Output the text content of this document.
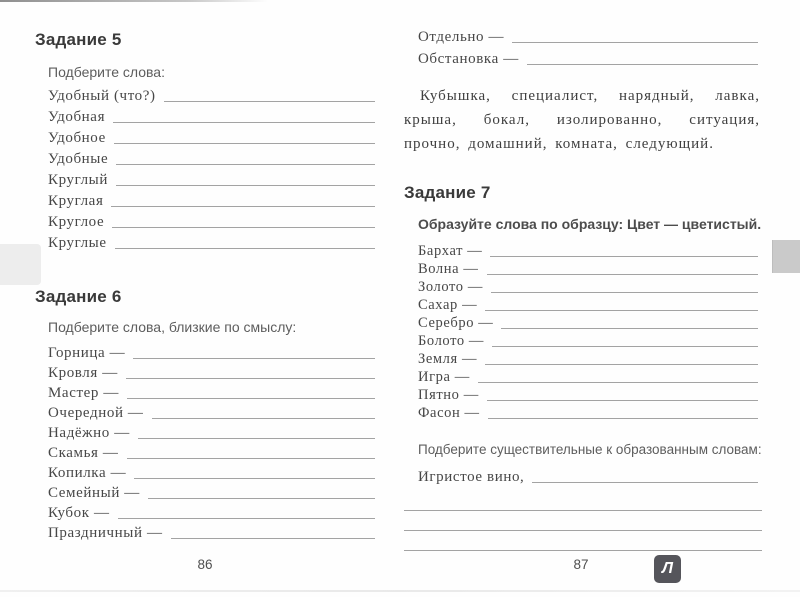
Задание 5
Подберите слова:
Удобный (что?)
Удобная
Удобное
Удобные
Круглый
Круглая
Круглое
Круглые
Задание 6
Подберите слова, близкие по смыслу:
Горница —
Кровля —
Мастер —
Очередной —
Надёжно —
Скамья —
Копилка —
Семейный —
Кубок —
Праздничный —
86
Отдельно —
Обстановка —
Кубышка, специалист, нарядный, лавка, крыша, бокал, изолированно, ситуация, прочно, домашний, комната, следующий.
Задание 7
Образуйте слова по образцу: Цвет — цветистый.
Бархат —
Волна —
Золото —
Сахар —
Серебро —
Болото —
Земля —
Игра —
Пятно —
Фасон —
Подберите существительные к образованным словам:
Игристое вино,
87	Л
